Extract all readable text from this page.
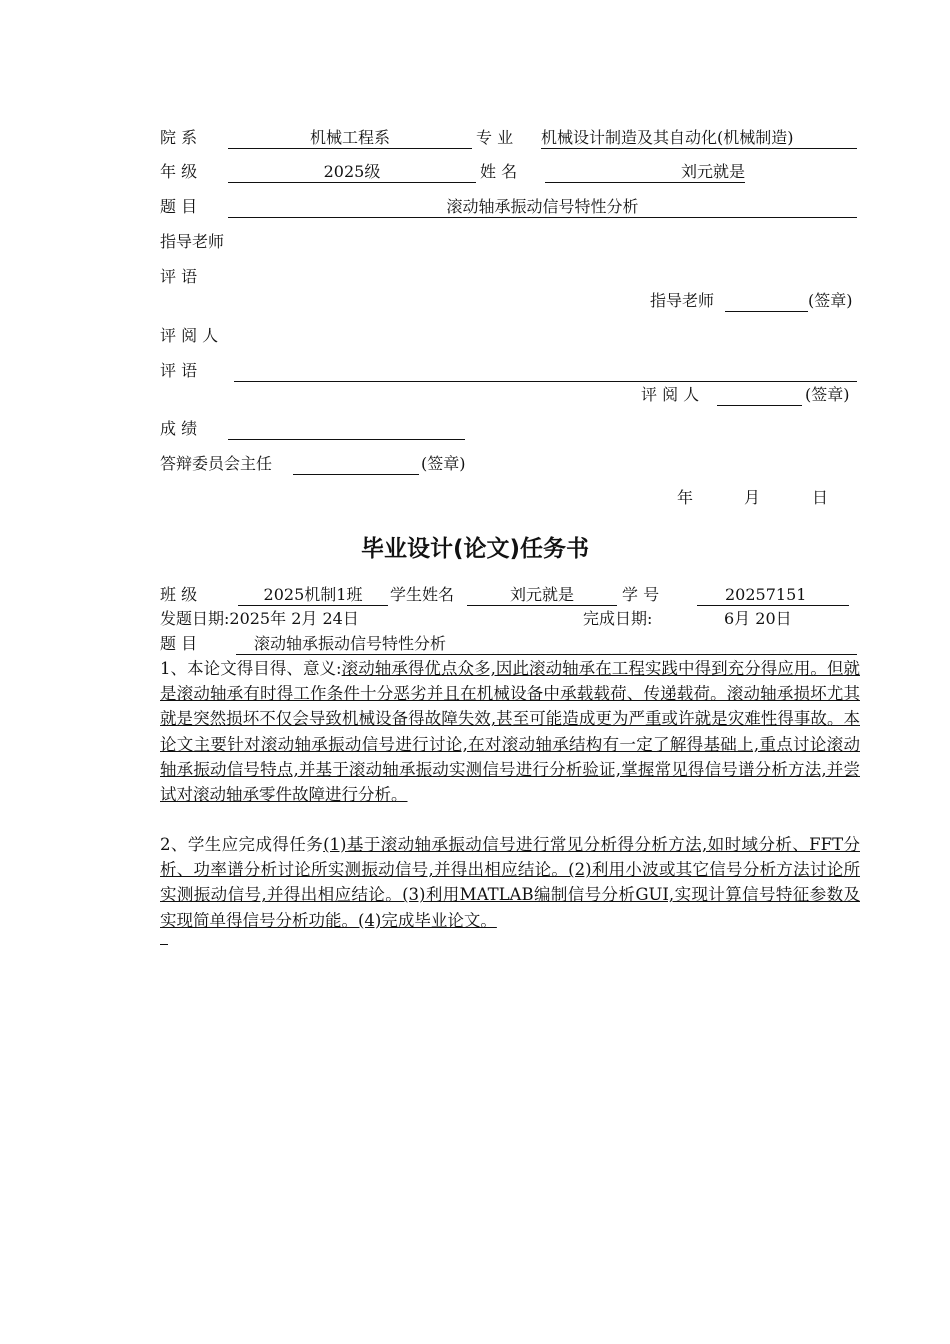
院 系	机械工程系	专 业 机械设计制造及其自动化(机械制造)
年 级	2025级	姓 名	刘元就是
题 目	滚动轴承振动信号特性分析
指导老师
评 语
指导老师	(签章)
评 阅 人
评 语
评 阅 人	(签章)
成 绩
答辩委员会主任	(签章)
年	月	日
毕业设计(论文)任务书
班 级	2025机制1班	学生姓名	刘元就是	学 号	20257151
发题日期:2025年 2月 24日	完成日期:	6月 20日
题 目	滚动轴承振动信号特性分析
1、本论文得目得、意义:滚动轴承得优点众多,因此滚动轴承在工程实践中得到充分得应用。但就是滚动轴承有时得工作条件十分恶劣并且在机械设备中承载载荷、传递载荷。滚动轴承损坏尤其就是突然损坏不仅会导致机械设备得故障失效,甚至可能造成更为严重或许就是灾难性得事故。本论文主要针对滚动轴承振动信号进行讨论,在对滚动轴承结构有一定了解得基础上,重点讨论滚动轴承振动信号特点,并基于滚动轴承振动实测信号进行分析验证,掌握常见得信号谱分析方法,并尝试对滚动轴承零件故障进行分析。
2、学生应完成得任务(1)基于滚动轴承振动信号进行常见分析得分析方法,如时域分析、FFT分析、功率谱分析讨论所实测振动信号,并得出相应结论。(2)利用小波或其它信号分析方法讨论所实测振动信号,并得出相应结论。(3)利用MATLAB编制信号分析GUI,实现计算信号特征参数及实现简单得信号分析功能。(4)完成毕业论文。
